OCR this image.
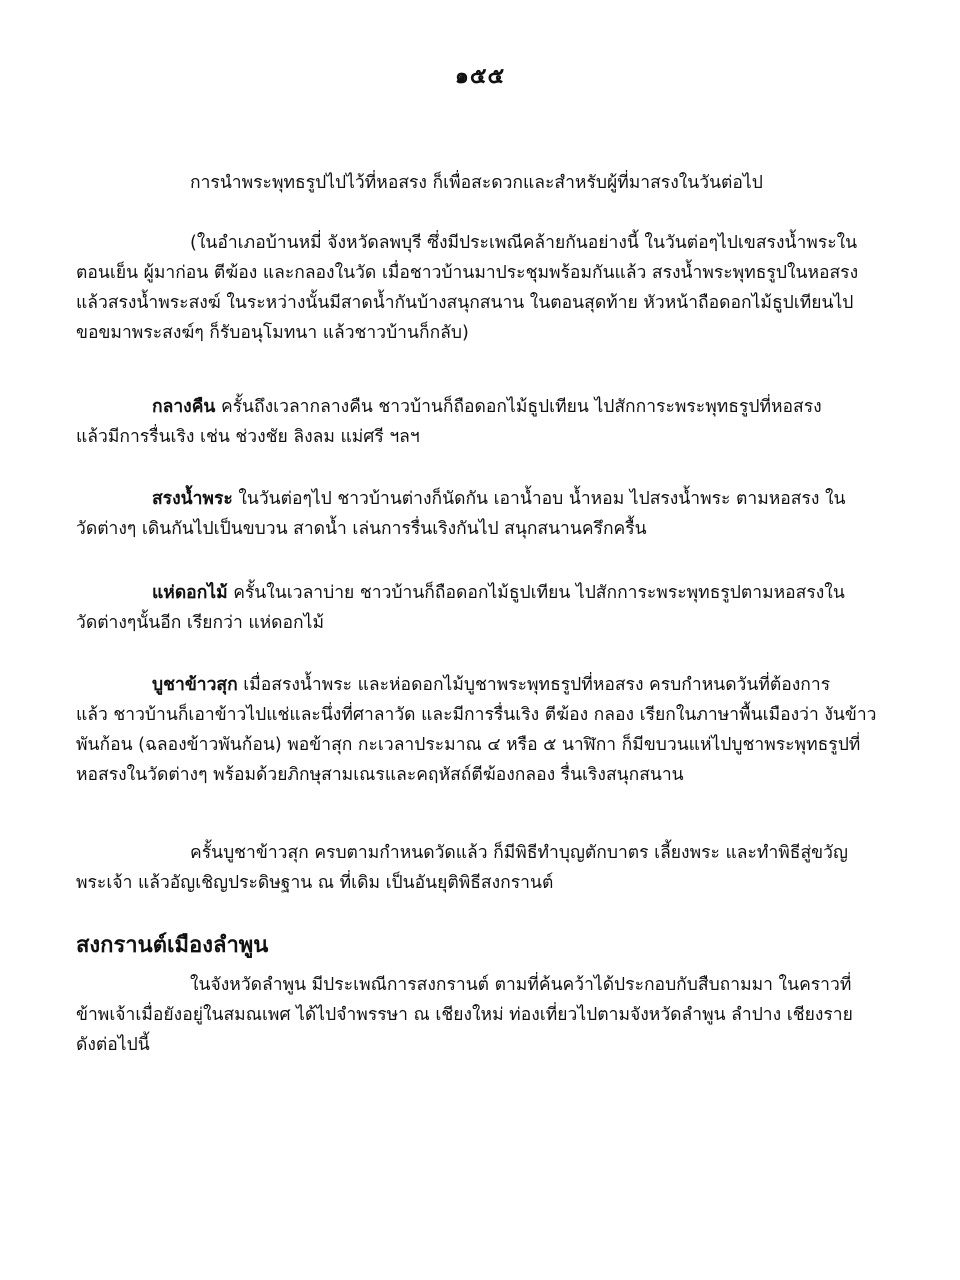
๑๕๕

การนำพระพุทธรูปไปไว้ที่หอสรง ก็เพื่อสะดวกและสำหรับผู้ที่มาสรงในวันต่อไป

(ในอำเภอบ้านหมี่ จังหวัดลพบุรี ซึ่งมีประเพณีคล้ายกันอย่างนี้ ในวันต่อๆไปเขสรงน้ำพระใน
ตอนเย็น ผู้มาก่อน ตีฆ้อง และกลองในวัด เมื่อชาวบ้านมาประชุมพร้อมกันแล้ว สรงน้ำพระพุทธรูปในหอสรง
แล้วสรงน้ำพระสงฆ์ ในระหว่างนั้นมีสาดน้ำกันบ้างสนุกสนาน ในตอนสุดท้าย หัวหน้าถือดอกไม้ธูปเทียนไป
ขอขมาพระสงฆ์ๆ ก็รับอนุโมทนา แล้วชาวบ้านก็กลับ)

กลางคืน ครั้นถึงเวลากลางคืน ชาวบ้านก็ถือดอกไม้ธูปเทียน ไปสักการะพระพุทธรูปที่หอสรง
แล้วมีการรื่นเริง เช่น ช่วงชัย ลิงลม แม่ศรี ฯลฯ

สรงน้ำพระ ในวันต่อๆไป ชาวบ้านต่างก็นัดกัน เอาน้ำอบ น้ำหอม ไปสรงน้ำพระ ตามหอสรง ใน
วัดต่างๆ เดินกันไปเป็นขบวน สาดน้ำ เล่นการรื่นเริงกันไป สนุกสนานครึกครื้น

แห่ดอกไม้ ครั้นในเวลาบ่าย ชาวบ้านก็ถือดอกไม้ธูปเทียน ไปสักการะพระพุทธรูปตามหอสรงใน
วัดต่างๆนั้นอีก เรียกว่า แห่ดอกไม้

บูชาข้าวสุก เมื่อสรงน้ำพระ และห่อดอกไม้บูชาพระพุทธรูปที่หอสรง ครบกำหนดวันที่ต้องการ
แล้ว ชาวบ้านก็เอาข้าวไปแช่และนึ่งที่ศาลาวัด และมีการรื่นเริง ตีฆ้อง กลอง เรียกในภาษาพื้นเมืองว่า งันข้าว
พันก้อน (ฉลองข้าวพันก้อน) พอข้าสุก กะเวลาประมาณ ๔ หรือ ๕ นาฬิกา ก็มีขบวนแห่ไปบูชาพระพุทธรูปที่
หอสรงในวัดต่างๆ พร้อมด้วยภิกษุสามเณรและคฤหัสถ์ตีฆ้องกลอง รื่นเริงสนุกสนาน

ครั้นบูชาข้าวสุก ครบตามกำหนดวัดแล้ว ก็มีพิธีทำบุญตักบาตร เลี้ยงพระ และทำพิธีสู่ขวัญ
พระเจ้า แล้วอัญเชิญประดิษฐาน ณ ที่เดิม เป็นอันยุติพิธีสงกรานต์

สงกรานต์เมืองลำพูน

ในจังหวัดลำพูน มีประเพณีการสงกรานต์ ตามที่ค้นคว้าได้ประกอบกับสืบถามมา ในคราวที่
ข้าพเจ้าเมื่อยังอยู่ในสมณเพศ ได้ไปจำพรรษา ณ เชียงใหม่ ท่องเที่ยวไปตามจังหวัดลำพูน ลำปาง เชียงราย
ดังต่อไปนี้
